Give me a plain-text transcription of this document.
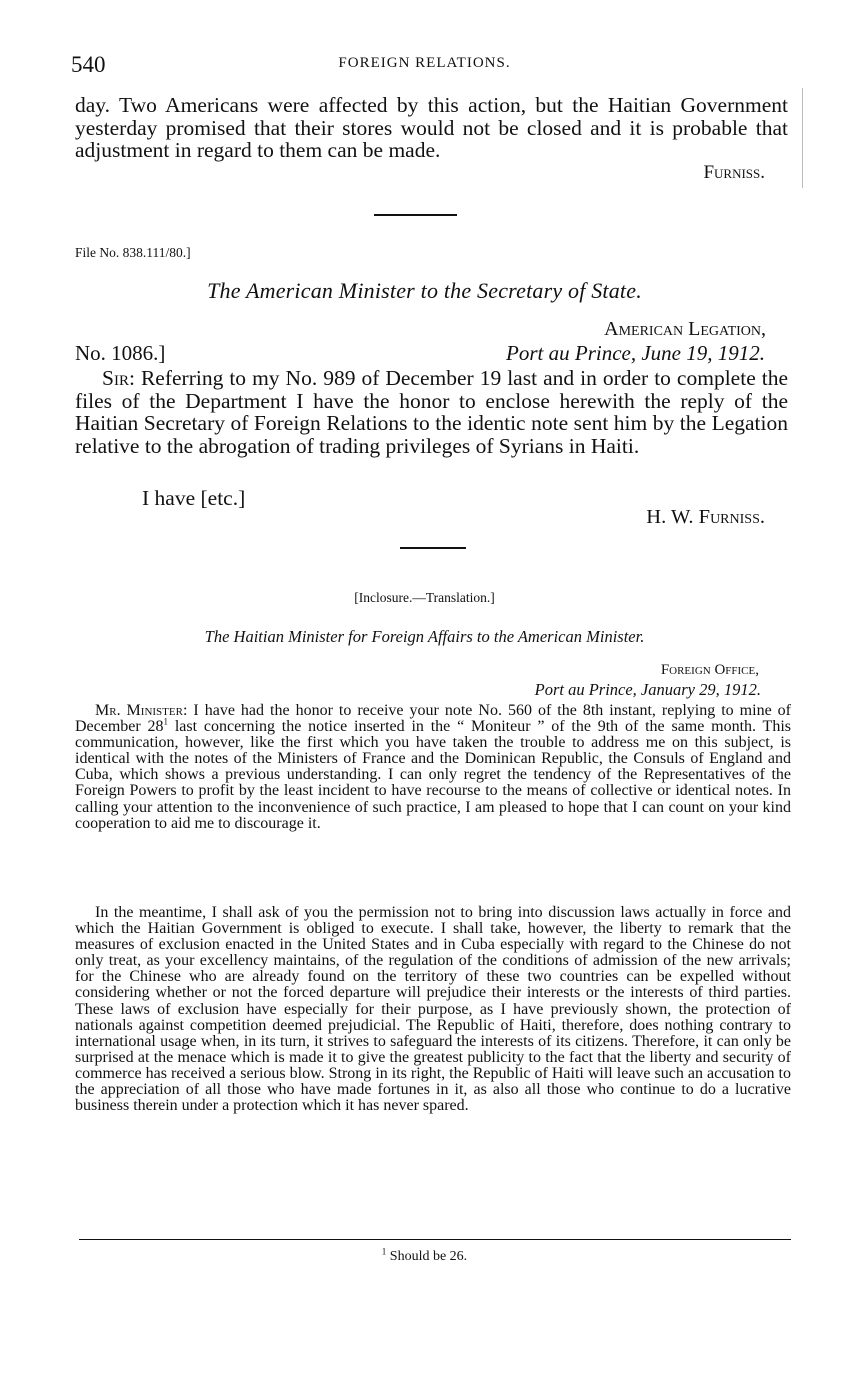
540	FOREIGN RELATIONS.
day. Two Americans were affected by this action, but the Haitian Government yesterday promised that their stores would not be closed and it is probable that adjustment in regard to them can be made.
Furniss.
File No. 838.111/80.]
The American Minister to the Secretary of State.
American Legation,
No. 1086.]	Port au Prince, June 19, 1912.
Sir: Referring to my No. 989 of December 19 last and in order to complete the files of the Department I have the honor to enclose herewith the reply of the Haitian Secretary of Foreign Relations to the identic note sent him by the Legation relative to the abrogation of trading privileges of Syrians in Haiti.
I have [etc.]
H. W. Furniss.
[Inclosure.—Translation.]
The Haitian Minister for Foreign Affairs to the American Minister.
Foreign Office,
Port au Prince, January 29, 1912.
Mr. Minister: I have had the honor to receive your note No. 560 of the 8th instant, replying to mine of December $28^1$ last concerning the notice inserted in the “ Moniteur ” of the 9th of the same month. This communication, however, like the first which you have taken the trouble to address me on this subject, is identical with the notes of the Ministers of France and the Dominican Republic, the Consuls of England and Cuba, which shows a previous understanding. I can only regret the tendency of the Representatives of the Foreign Powers to profit by the least incident to have recourse to the means of collective or identical notes. In calling your attention to the inconvenience of such practice, I am pleased to hope that I can count on your kind cooperation to aid me to discourage it.
In the meantime, I shall ask of you the permission not to bring into discussion laws actually in force and which the Haitian Government is obliged to execute. I shall take, however, the liberty to remark that the measures of exclusion enacted in the United States and in Cuba especially with regard to the Chinese do not only treat, as your excellency maintains, of the regulation of the conditions of admission of the new arrivals; for the Chinese who are already found on the territory of these two countries can be expelled without considering whether or not the forced departure will prejudice their interests or the interests of third parties. These laws of exclusion have especially for their purpose, as I have previously shown, the protection of nationals against competition deemed prejudicial. The Republic of Haiti, therefore, does nothing contrary to international usage when, in its turn, it strives to safeguard the interests of its citizens. Therefore, it can only be surprised at the menace which is made it to give the greatest publicity to the fact that the liberty and security of commerce has received a serious blow. Strong in its right, the Republic of Haiti will leave such an accusation to the appreciation of all those who have made fortunes in it, as also all those who continue to do a lucrative business therein under a protection which it has never spared.
$^1$ Should be 26.
